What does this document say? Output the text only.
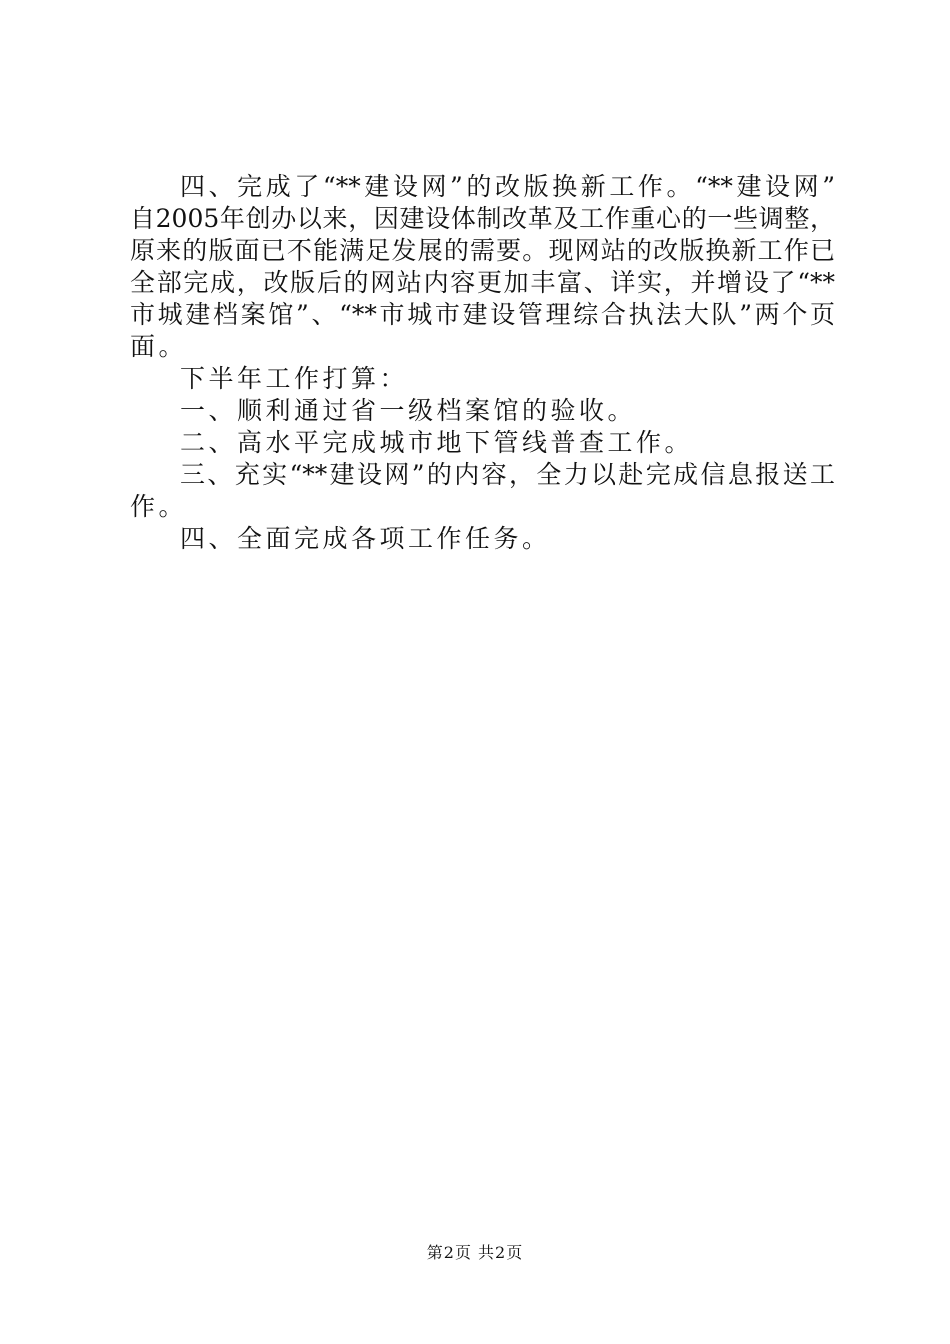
四、完成了“**建设网”的改版换新工作。“**建设网”
自2005年创办以来，因建设体制改革及工作重心的一些调整，
原来的版面已不能满足发展的需要。现网站的改版换新工作已
全部完成，改版后的网站内容更加丰富、详实，并增设了“**
市城建档案馆”、“**市城市建设管理综合执法大队”两个页
面。
下半年工作打算：
一、顺利通过省一级档案馆的验收。
二、高水平完成城市地下管线普查工作。
三、充实“**建设网”的内容，全力以赴完成信息报送工
作。
四、全面完成各项工作任务。
第2页 共2页
